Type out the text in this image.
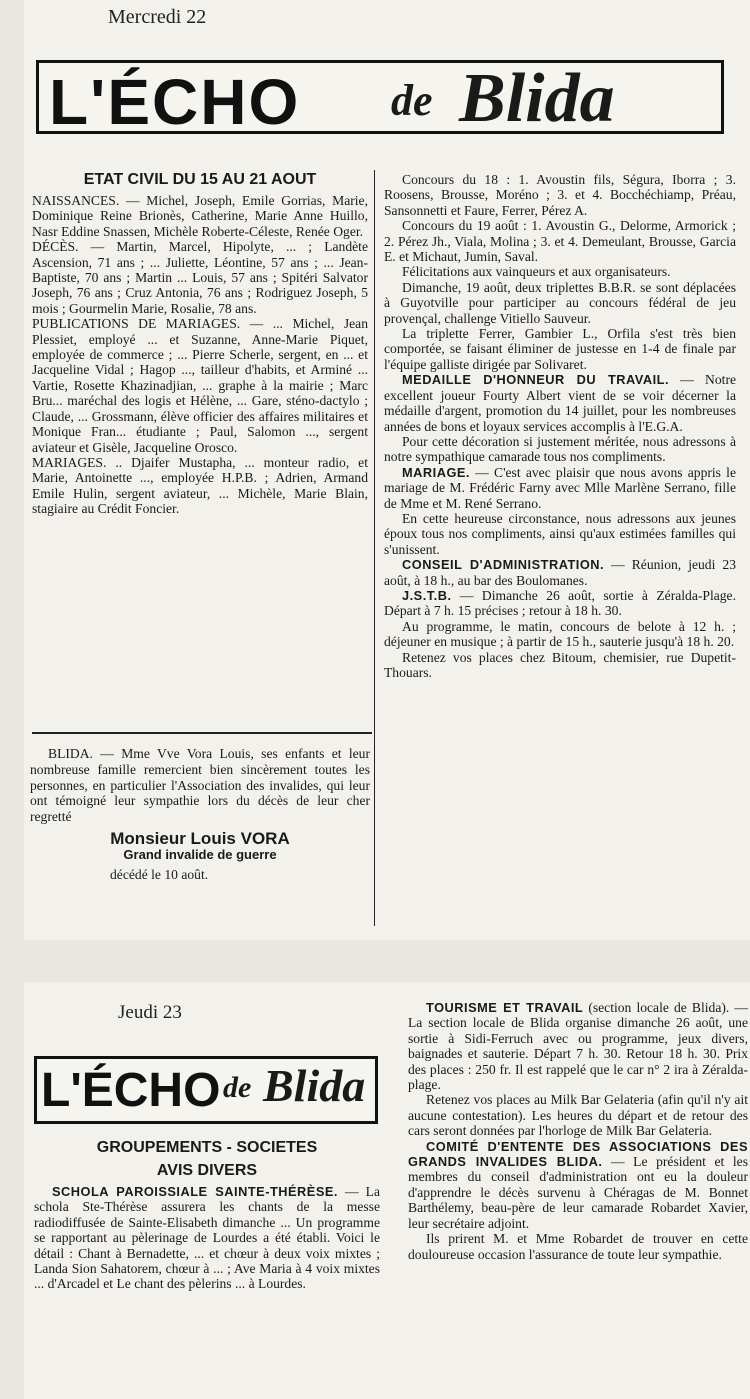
Mercredi 22
L'ÉCHO de Blida
ETAT CIVIL DU 15 AU 21 AOUT

NAISSANCES. — Michel, Joseph, Emile Gorrias, Marie, Dominique Reine Brionès, Catherine, Marie Anne Huillo, Nasr Eddine Snassen, Michèle Roberte-Céleste, Renée Oger.

DÉCÈS. — Martin, Marcel, Hipolyte, ... ; Landète Ascension, 71 ans ; ... Juliette, Léontine, 57 ans ; ... Jean-Baptiste, 70 ans ; Martin ... Louis, 57 ans ; Spitéri Salvator Joseph, 76 ans ; Cruz Antonia, 76 ans ; Rodriguez Joseph, 5 mois ; Gourmelin Marie, Rosalie, 78 ans.

PUBLICATIONS DE MARIAGES. — ... Michel, Jean Plessiet, employé ... et Suzanne, Anne-Marie Piquet, employée de commerce ; ... Pierre Scherle, sergent, en ... et Jacqueline Vidal ; Hagop ..., tailleur d'habits, et Arminé ... Vartie, Rosette Khazinadjian, ... graphe à la mairie ; Marc Bru... maréchal des logis et Hélène, ... Gare, sténo-dactylo ; Claude, ... Grossmann, élève officier des affaires militaires et Monique Fran... étudiante ; Paul, Salomon ..., sergent aviateur et Gisèle, Jacqueline Orosco.

MARIAGES. .. Djaifer Mustapha, ... monteur radio, et Marie, Antoinette ..., employée H.P.B. ; Adrien, Armand Emile Hulin, sergent aviateur, ... Michèle, Marie Blain, stagiaire au Crédit Foncier.

Concours du 18 : 1. Avoustin fils, Ségura, Iborra ; 3. Roosens, Brousse, Moréno ; 3. et 4. Bocchéchiamp, Préau, Sansonnetti et Faure, Ferrer, Pérez A.

Concours du 19 août : 1. Avoustin G., Delorme, Armorick ; 2. Pérez Jh., Viala, Molina ; 3. et 4. Demeulant, Brousse, Garcia E. et Michaut, Jumin, Saval.

Félicitations aux vainqueurs et aux organisateurs.

Dimanche, 19 août, deux triplettes B.B.R. se sont déplacées à Guyotville pour participer au concours fédéral de jeu provençal, challenge Vitiello Sauveur.

La triplette Ferrer, Gambier L., Orfila s'est très bien comportée, se faisant éliminer de justesse en 1-4 de finale par l'équipe galliste dirigée par Solivaret.

MEDAILLE D'HONNEUR DU TRAVAIL. — Notre excellent joueur Fourty Albert vient de se voir décerner la médaille d'argent, promotion du 14 juillet, pour les nombreuses années de bons et loyaux services accomplis à l'E.G.A.

Pour cette décoration si justement méritée, nous adressons à notre sympathique camarade tous nos compliments.

MARIAGE. — C'est avec plaisir que nous avons appris le mariage de M. Frédéric Farny avec Mlle Marlène Serrano, fille de Mme et M. René Serrano.

En cette heureuse circonstance, nous adressons aux jeunes époux tous nos compliments, ainsi qu'aux estimées familles qui s'unissent.

CONSEIL D'ADMINISTRATION. — Réunion, jeudi 23 août, à 18 h., au bar des Boulomanes.

J.S.T.B. — Dimanche 26 août, sortie à Zéralda-Plage. Départ à 7 h. 15 précises ; retour à 18 h. 30.

Au programme, le matin, concours de belote à 12 h. ; déjeuner en musique ; à partir de 15 h., sauterie jusqu'à 18 h. 20.

Retenez vos places chez Bitoum, chemisier, rue Dupetit-Thouars.

BLIDA. — Mme Vve Vora Louis, ses enfants et leur nombreuse famille remercient bien sincèrement toutes les personnes, en particulier l'Association des invalides, qui leur ont témoigné leur sympathie lors du décès de leur cher regretté

Monsieur Louis VORA
Grand invalide de guerre
décédé le 10 août.
Jeudi 23
L'ÉCHO de Blida
GROUPEMENTS - SOCIETES
AVIS DIVERS

SCHOLA PAROISSIALE SAINTE-THÉRÈSE. — La schola Ste-Thérèse assurera les chants de la messe radiodiffusée de Sainte-Elisabeth dimanche ... Un programme se rapportant au pèlerinage de Lourdes a été établi. Voici le détail : Chant à Bernadette, ... et chœur à deux voix mixtes ; Landa Sion Sahatorem, chœur à ... ; Ave Maria à 4 voix mixtes ... d'Arcadel et Le chant des pèlerins ... à Lourdes.

TOURISME ET TRAVAIL (section locale de Blida). — La section locale de Blida organise dimanche 26 août, une sortie à Sidi-Ferruch avec ou programme, jeux divers, baignades et sauterie. Départ 7 h. 30. Retour 18 h. 30. Prix des places : 250 fr. Il est rappelé que le car n° 2 ira à Zéralda-plage.

Retenez vos places au Milk Bar Gelateria (afin qu'il n'y ait aucune contestation). Les heures du départ et de retour des cars seront données par l'horloge de Milk Bar Gelateria.

COMITÉ D'ENTENTE DES ASSOCIATIONS DES GRANDS INVALIDES BLIDA. — Le président et les membres du conseil d'administration ont eu la douleur d'apprendre le décès survenu à Chéragas de M. Bonnet Barthélemy, beau-père de leur camarade Robardet Xavier, leur secrétaire adjoint.

Ils prirent M. et Mme Robardet de trouver en cette douloureuse occasion l'assurance de toute leur sympathie.
